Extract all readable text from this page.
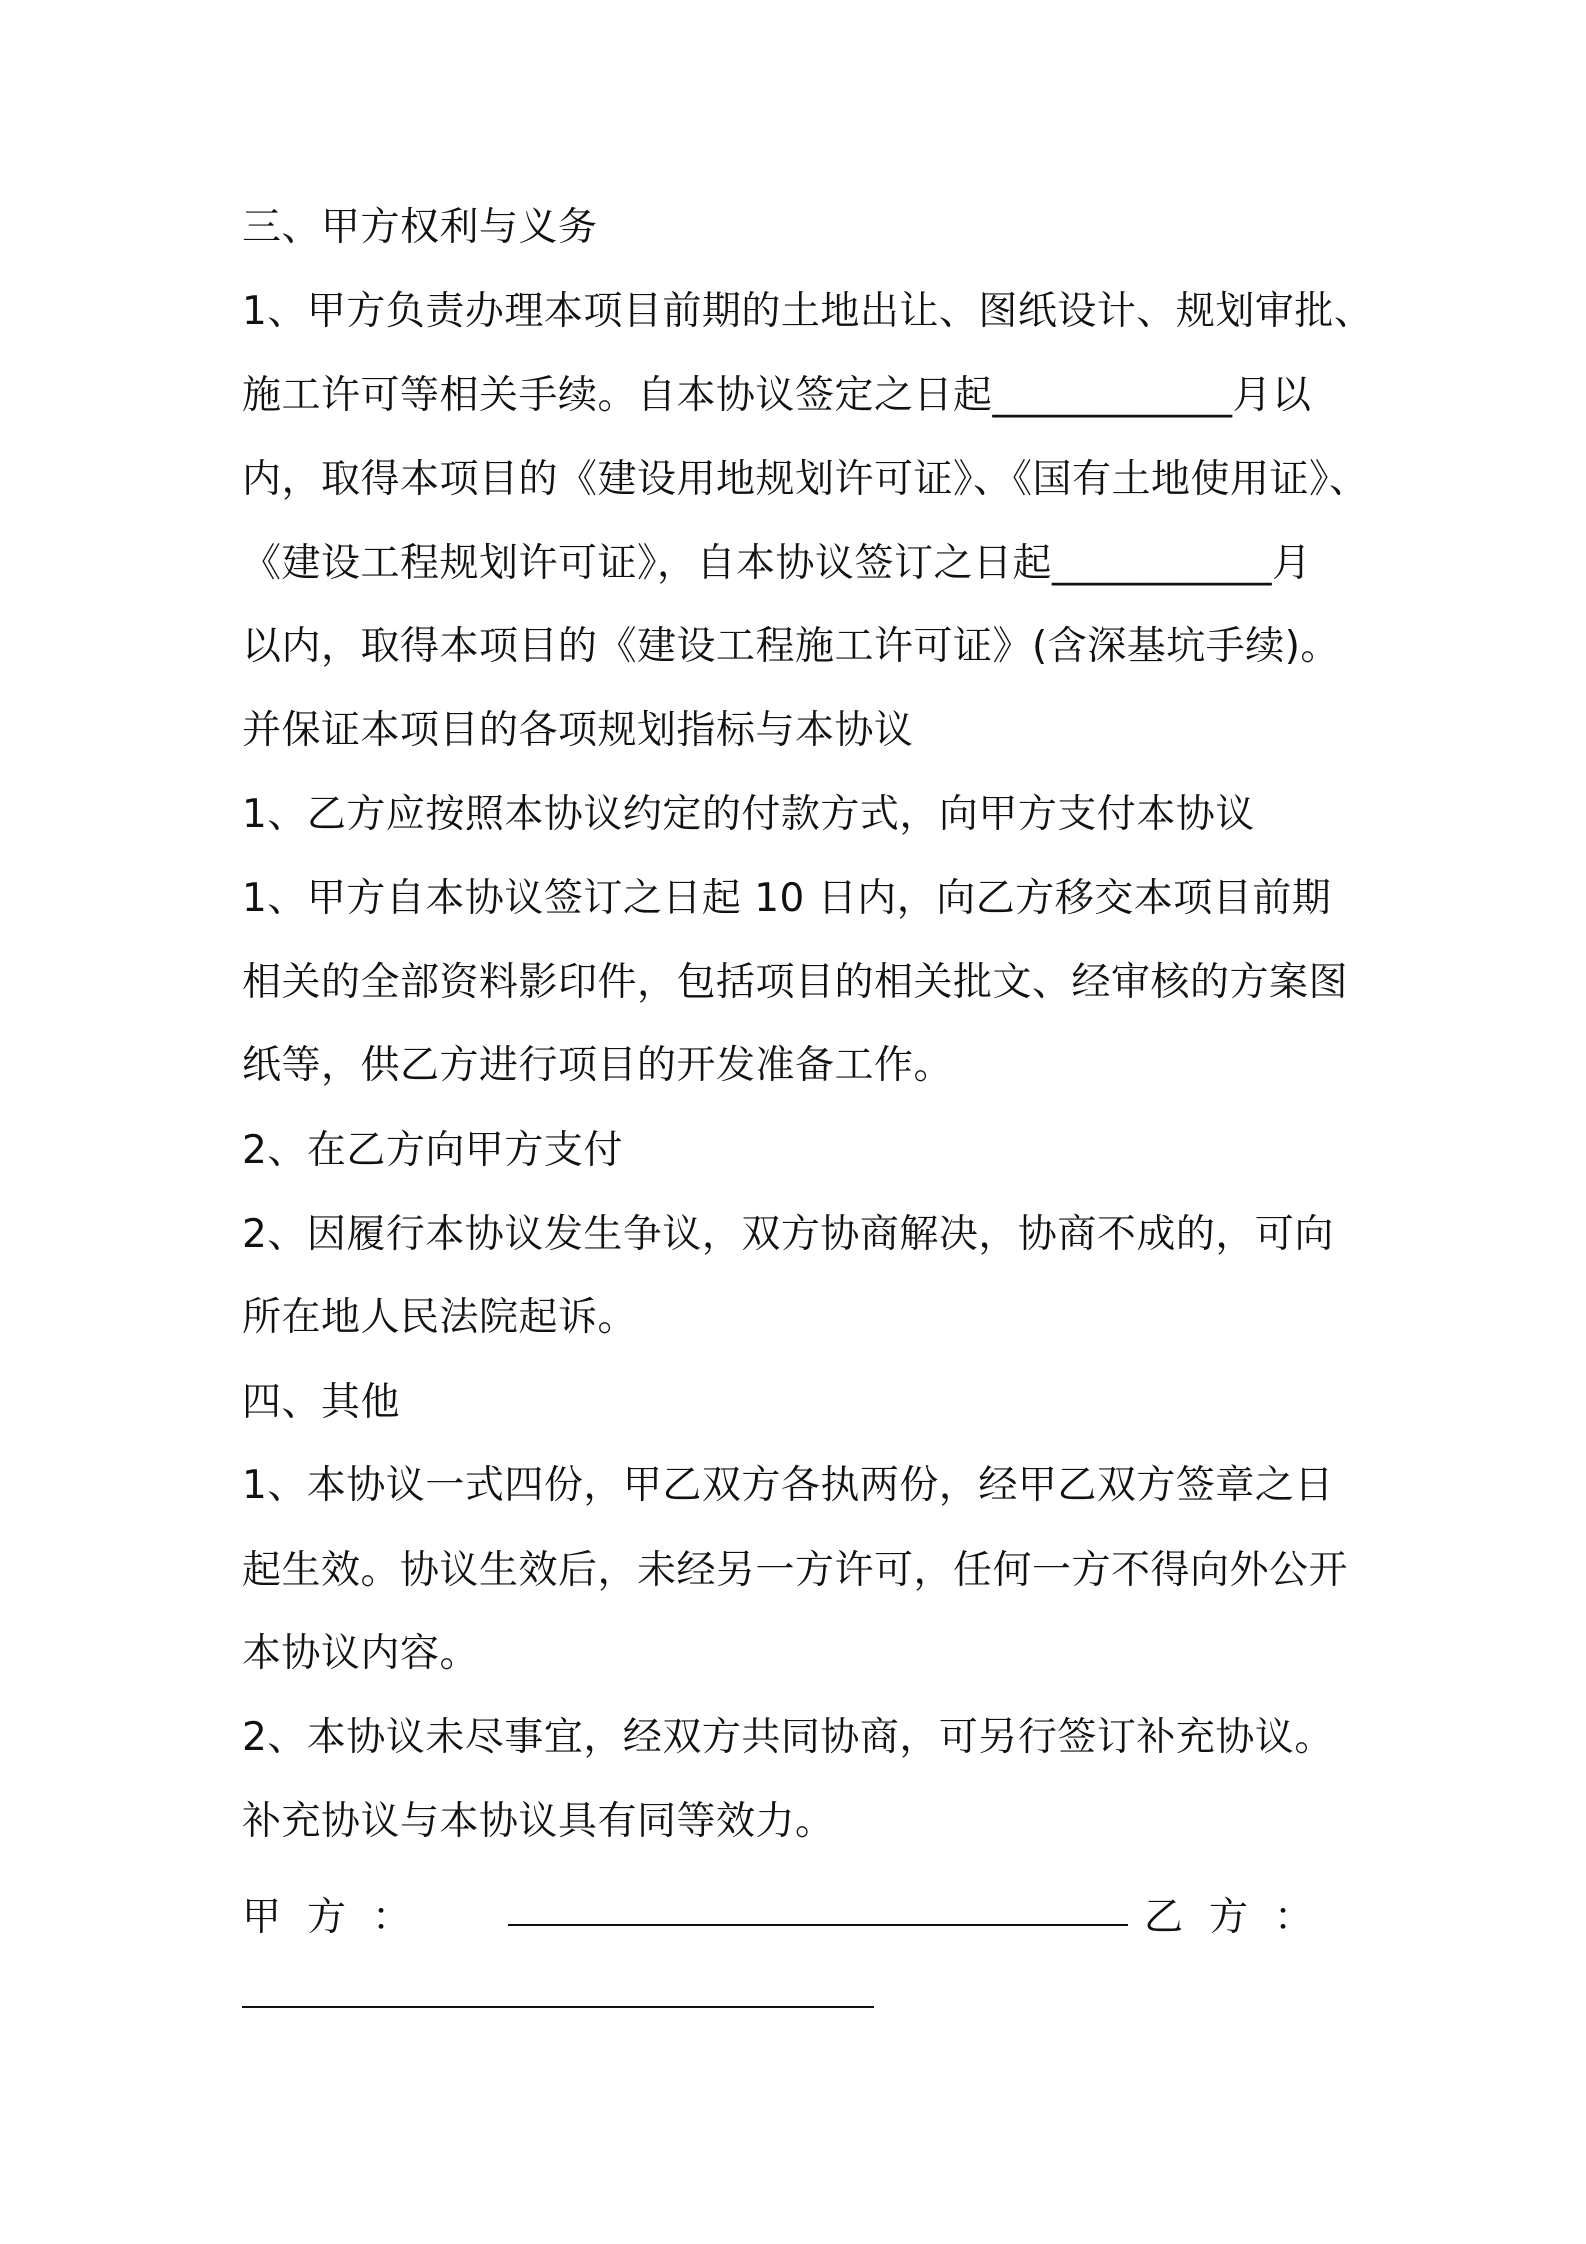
三、甲方权利与义务
1、甲方负责办理本项目前期的土地出让、图纸设计、规划审批、
施工许可等相关手续。自本协议签定之日起____________月以
内，取得本项目的《建设用地规划许可证》、《国有土地使用证》、
《建设工程规划许可证》，自本协议签订之日起___________月
以内，取得本项目的《建设工程施工许可证》(含深基坑手续)。
并保证本项目的各项规划指标与本协议
1、乙方应按照本协议约定的付款方式，向甲方支付本协议
1、甲方自本协议签订之日起 10 日内，向乙方移交本项目前期
相关的全部资料影印件，包括项目的相关批文、经审核的方案图
纸等，供乙方进行项目的开发准备工作。
2、在乙方向甲方支付
2、因履行本协议发生争议，双方协商解决，协商不成的，可向
所在地人民法院起诉。
四、其他
1、本协议一式四份，甲乙双方各执两份，经甲乙双方签章之日
起生效。协议生效后，未经另一方许可，任何一方不得向外公开
本协议内容。
2、本协议未尽事宜，经双方共同协商，可另行签订补充协议。
补充协议与本协议具有同等效力。
甲方：	乙方：
